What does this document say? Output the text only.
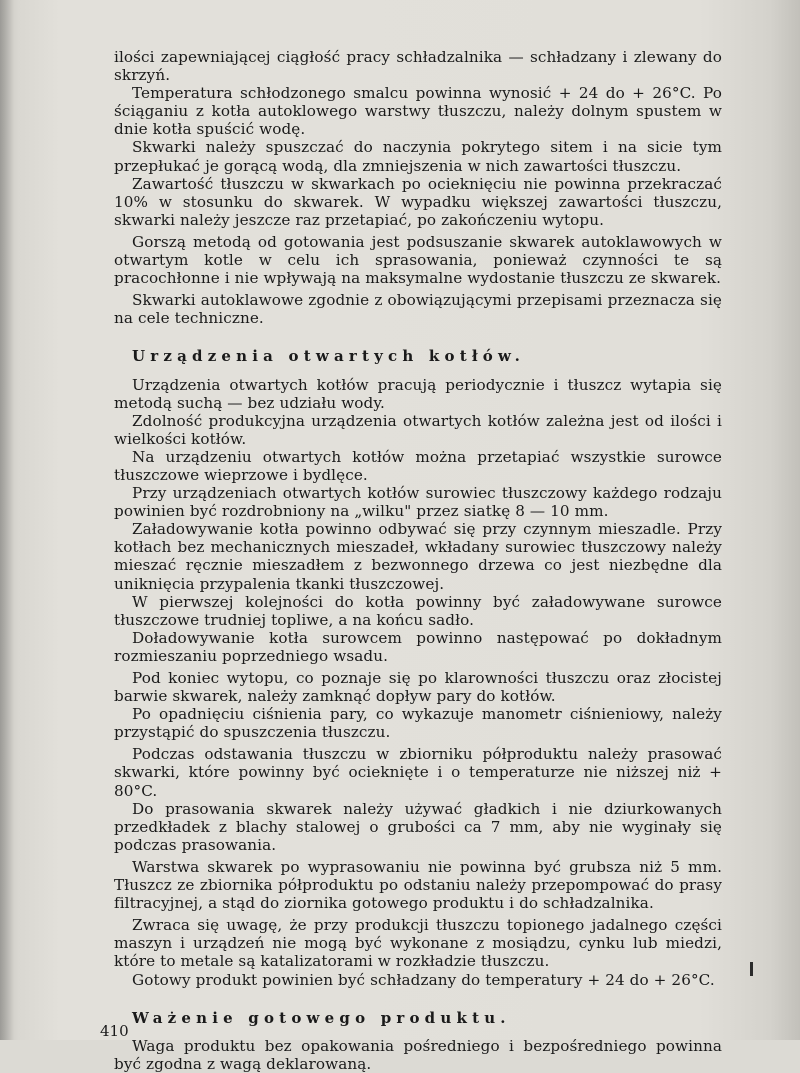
ilości zapewniającej ciągłość pracy schładzalnika — schładzany i zlewany do skrzyń.

Temperatura schłodzonego smalcu powinna wynosić + 24 do + 26°C. Po ściąganiu z kotła autoklowego warstwy tłuszczu, należy dolnym spustem w dnie kotła spuścić wodę.

Skwarki należy spuszczać do naczynia pokrytego sitem i na sicie tym przepłukać je gorącą wodą, dla zmniejszenia w nich zawartości tłuszczu.

Zawartość tłuszczu w skwarkach po ocieknięciu nie powinna przekraczać 10% w stosunku do skwarek. W wypadku większej zawartości tłuszczu, skwarki należy jeszcze raz przetapiać, po zakończeniu wytopu.

Gorszą metodą od gotowania jest podsuszanie skwarek autoklawowych w otwartym kotle w celu ich sprasowania, ponieważ czynności te są pracochłonne i nie wpływają na maksymalne wydostanie tłuszczu ze skwarek.

Skwarki autoklawowe zgodnie z obowiązującymi przepisami przeznacza się na cele techniczne.

Urządzenia otwartych kotłów.

Urządzenia otwartych kotłów pracują periodycznie i tłuszcz wytapia się metodą suchą — bez udziału wody.

Zdolność produkcyjna urządzenia otwartych kotłów zależna jest od ilości i wielkości kotłów.

Na urządzeniu otwartych kotłów można przetapiać wszystkie surowce tłuszczowe wieprzowe i bydlęce.

Przy urządzeniach otwartych kotłów surowiec tłuszczowy każdego rodzaju powinien być rozdrobniony na „wilku" przez siatkę 8 — 10 mm.

Załadowywanie kotła powinno odbywać się przy czynnym mieszadle. Przy kotłach bez mechanicznych mieszadeł, wkładany surowiec tłuszczowy należy mieszać ręcznie mieszadłem z bezwonnego drzewa co jest niezbędne dla uniknięcia przypalenia tkanki tłuszczowej.

W pierwszej kolejności do kotła powinny być załadowywane surowce tłuszczowe trudniej topliwe, a na końcu sadło.

Doładowywanie kotła surowcem powinno następować po dokładnym rozmieszaniu poprzedniego wsadu.

Pod koniec wytopu, co poznaje się po klarowności tłuszczu oraz złocistej barwie skwarek, należy zamknąć dopływ pary do kotłów.

Po opadnięciu ciśnienia pary, co wykazuje manometr ciśnieniowy, należy przystąpić do spuszczenia tłuszczu.

Podczas odstawania tłuszczu w zbiorniku półproduktu należy prasować skwarki, które powinny być ocieknięte i o temperaturze nie niższej niż + 80°C.

Do prasowania skwarek należy używać gładkich i nie dziurkowanych przedkładek z blachy stalowej o grubości ca 7 mm, aby nie wyginały się podczas prasowania.

Warstwa skwarek po wyprasowaniu nie powinna być grubsza niż 5 mm. Tłuszcz ze zbiornika półproduktu po odstaniu należy przepompować do prasy filtracyjnej, a stąd do ziornika gotowego produktu i do schładzalnika.

Zwraca się uwagę, że przy produkcji tłuszczu topionego jadalnego części maszyn i urządzeń nie mogą być wykonane z mosiądzu, cynku lub miedzi, które to metale są katalizatorami w rozkładzie tłuszczu.

Gotowy produkt powinien być schładzany do temperatury + 24 do + 26°C.

Ważenie gotowego produktu.

Waga produktu bez opakowania pośredniego i bezpośredniego powinna być zgodna z wagą deklarowaną.

410
